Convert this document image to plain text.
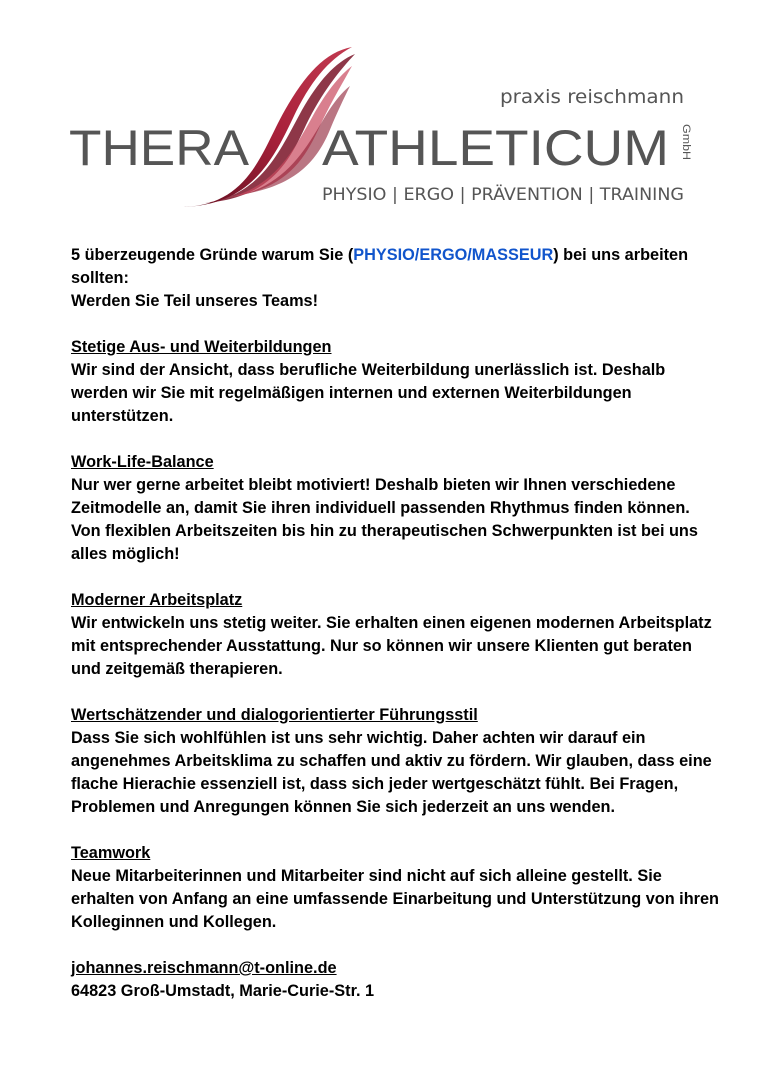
praxis reischmann
THERA ATHLETICUM GmbH
PHYSIO | ERGO | PRÄVENTION | TRAINING

5 überzeugende Gründe warum Sie (PHYSIO/ERGO/MASSEUR) bei uns arbeiten sollten:

Werden Sie Teil unseres Teams!

Stetige Aus- und Weiterbildungen

Wir sind der Ansicht, dass berufliche Weiterbildung unerlässlich ist. Deshalb werden wir Sie mit regelmäßigen internen und externen Weiterbildungen unterstützen.

Work-Life-Balance

Nur wer gerne arbeitet bleibt motiviert! Deshalb bieten wir Ihnen verschiedene Zeitmodelle an, damit Sie ihren individuell passenden Rhythmus finden können. Von flexiblen Arbeitszeiten bis hin zu therapeutischen Schwerpunkten ist bei uns alles möglich!

Moderner Arbeitsplatz

Wir entwickeln uns stetig weiter. Sie erhalten einen eigenen modernen Arbeitsplatz mit entsprechender Ausstattung. Nur so können wir unsere Klienten gut beraten und zeitgemäß therapieren.

Wertschätzender und dialogorientierter Führungsstil

Dass Sie sich wohlfühlen ist uns sehr wichtig. Daher achten wir darauf ein angenehmes Arbeitsklima zu schaffen und aktiv zu fördern. Wir glauben, dass eine flache Hierachie essenziell ist, dass sich jeder wertgeschätzt fühlt. Bei Fragen, Problemen und Anregungen können Sie sich jederzeit an uns wenden.

Teamwork

Neue Mitarbeiterinnen und Mitarbeiter sind nicht auf sich alleine gestellt. Sie erhalten von Anfang an eine umfassende Einarbeitung und Unterstützung von ihren Kolleginnen und Kollegen.

johannes.reischmann@t-online.de

64823 Groß-Umstadt, Marie-Curie-Str. 1
